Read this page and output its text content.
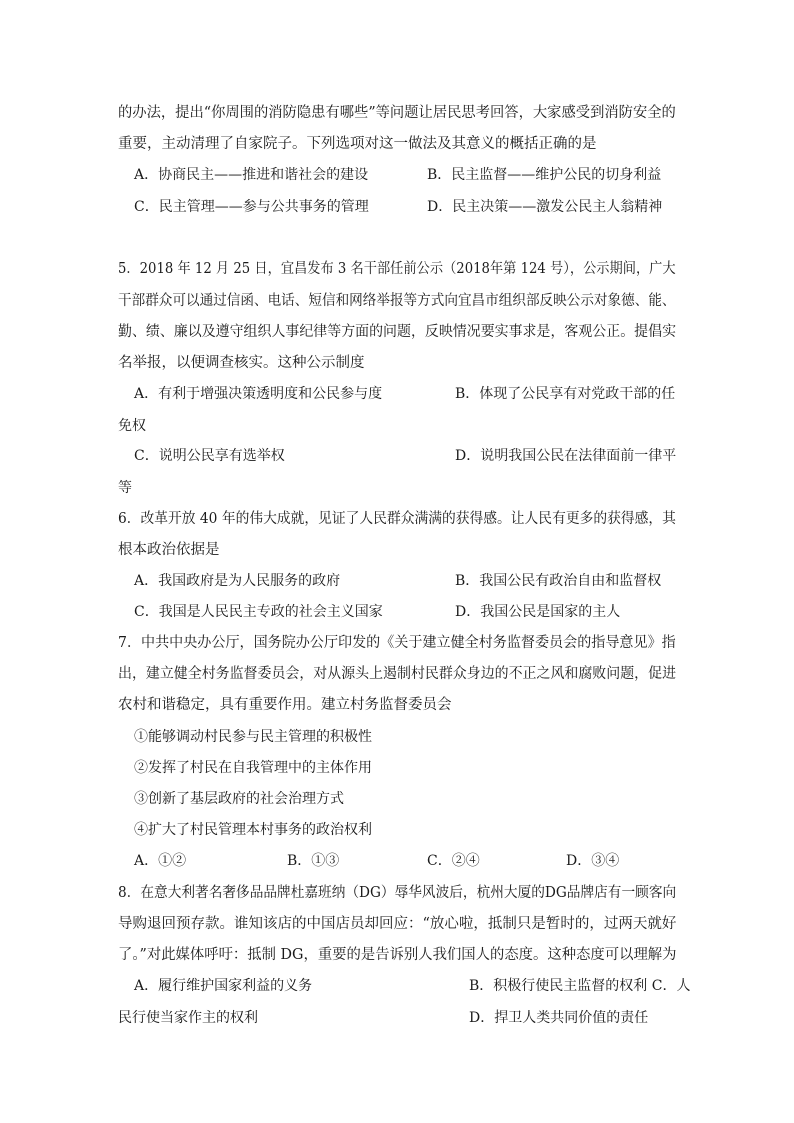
的办法，提出“你周围的消防隐患有哪些”等问题让居民思考回答，大家感受到消防安全的
重要，主动清理了自家院子。下列选项对这一做法及其意义的概括正确的是
A．协商民主——推进和谐社会的建设	B．民主监督——维护公民的切身利益
C．民主管理——参与公共事务的管理	D．民主决策——激发公民主人翁精神
5．2018 年 12 月 25 日，宜昌发布 3 名干部任前公示（2018年第 124 号），公示期间，广大
干部群众可以通过信函、电话、短信和网络举报等方式向宜昌市组织部反映公示对象德、能、
勤、绩、廉以及遵守组织人事纪律等方面的问题，反映情况要实事求是，客观公正。提倡实
名举报，以便调查核实。这种公示制度
A．有利于增强决策透明度和公民参与度	B．体现了公民享有对党政干部的任
免权
C．说明公民享有选举权	D．说明我国公民在法律面前一律平
等
6．改革开放 40 年的伟大成就，见证了人民群众满满的获得感。让人民有更多的获得感，其
根本政治依据是
A．我国政府是为人民服务的政府	B．我国公民有政治自由和监督权
C．我国是人民民主专政的社会主义国家	D．我国公民是国家的主人
7．中共中央办公厅，国务院办公厅印发的《关于建立健全村务监督委员会的指导意见》指
出，建立健全村务监督委员会，对从源头上遏制村民群众身边的不正之风和腐败问题，促进
农村和谐稳定，具有重要作用。建立村务监督委员会
①能够调动村民参与民主管理的积极性
②发挥了村民在自我管理中的主体作用
③创新了基层政府的社会治理方式
④扩大了村民管理本村事务的政治权利
A．①②	B．①③	C．②④	D．③④
8．在意大利著名奢侈品品牌杜嘉班纳（DG）辱华风波后，杭州大厦的DG品牌店有一顾客向
导购退回预存款。谁知该店的中国店员却回应：“放心啦，抵制只是暂时的，过两天就好
了。”对此媒体呼吁：抵制 DG，重要的是告诉别人我们国人的态度。这种态度可以理解为
A．履行维护国家利益的义务	B．积极行使民主监督的权利 C．人
民行使当家作主的权利	D．捍卫人类共同价值的责任
